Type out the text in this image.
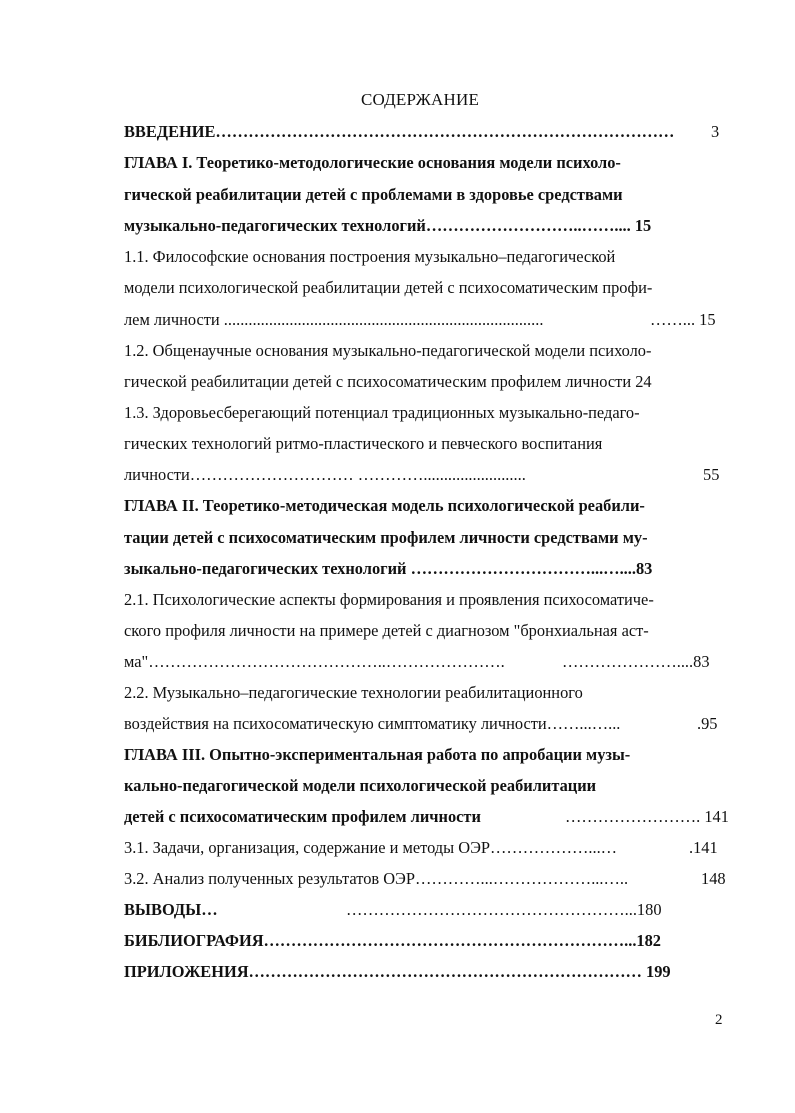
СОДЕРЖАНИЕ
ВВЕДЕНИЕ…………………………………………………………………………	3
ГЛАВА I. Теоретико-методологические основания модели психоло-
гической реабилитации детей с проблемами в здоровье средствами
музыкально-педагогических технологий………………………..…….... 15
1.1. Философские основания построения музыкально–педагогической
модели психологической реабилитации детей с психосоматическим профи-
лем личности ..............................................................................	……... 15
1.2. Общенаучные основания музыкально-педагогической модели психоло-
гической реабилитации детей с психосоматическим профилем личности 24
1.3. Здоровьесберегающий потенциал традиционных музыкально-педаго-
гических технологий ритмо-пластического и певческого воспитания
личности………………………… ………….........................	55
ГЛАВА II. Теоретико-методическая модель психологической реабили-
тации детей с психосоматическим профилем личности средствами му-
зыкально-педагогических технологий ……………………………...…....83
2.1. Психологические аспекты формирования и проявления психосоматиче-
ского профиля личности на примере детей с диагнозом "бронхиальная аст-
ма"……………………………………..………………….	…………………....83
2.2. Музыкально–педагогические технологии реабилитационного
воздействия на психосоматическую симптоматику личности……...…...	.95
ГЛАВА III. Опытно-экспериментальная работа по апробации музы-
кально-педагогической модели психологической реабилитации
детей с психосоматическим профилем личности	……………………. 141
3.1. Задачи, организация, содержание и методы ОЭР………………...…	.141
3.2. Анализ полученных результатов ОЭР…………...………………...…..	148
ВЫВОДЫ…	……………………………………………...180
БИБЛИОГРАФИЯ…………………………………………………………...182
ПРИЛОЖЕНИЯ……………………………………………………………… 199
2
